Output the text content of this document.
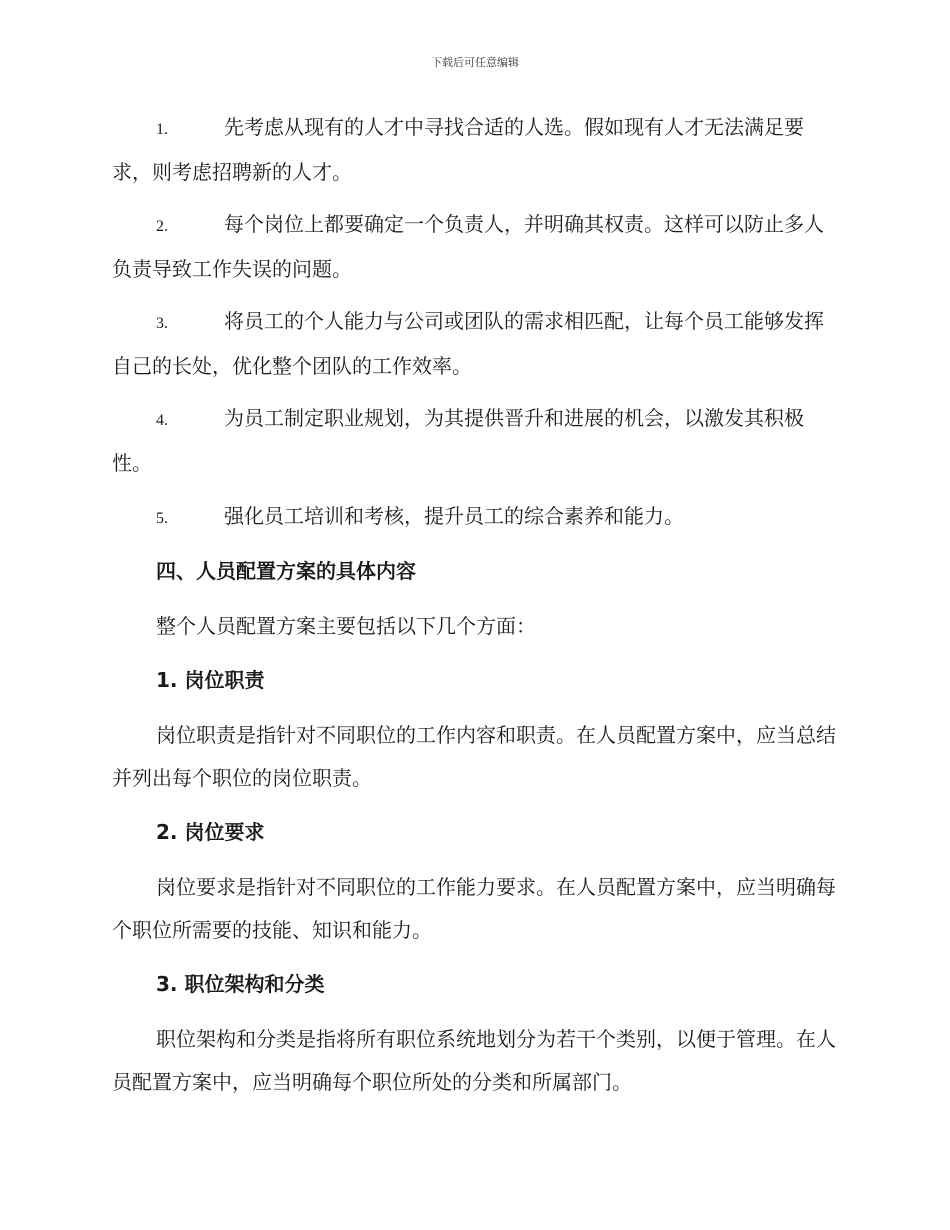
下载后可任意编辑

1.	先考虑从现有的人才中寻找合适的人选。假如现有人才无法满足要求，则考虑招聘新的人才。

2.	每个岗位上都要确定一个负责人，并明确其权责。这样可以防止多人负责导致工作失误的问题。

3.	将员工的个人能力与公司或团队的需求相匹配，让每个员工能够发挥自己的长处，优化整个团队的工作效率。

4.	为员工制定职业规划，为其提供晋升和进展的机会，以激发其积极性。

5.	强化员工培训和考核，提升员工的综合素养和能力。

四、人员配置方案的具体内容

整个人员配置方案主要包括以下几个方面：

1. 岗位职责

岗位职责是指针对不同职位的工作内容和职责。在人员配置方案中，应当总结并列出每个职位的岗位职责。

2. 岗位要求

岗位要求是指针对不同职位的工作能力要求。在人员配置方案中，应当明确每个职位所需要的技能、知识和能力。

3. 职位架构和分类

职位架构和分类是指将所有职位系统地划分为若干个类别，以便于管理。在人员配置方案中，应当明确每个职位所处的分类和所属部门。
